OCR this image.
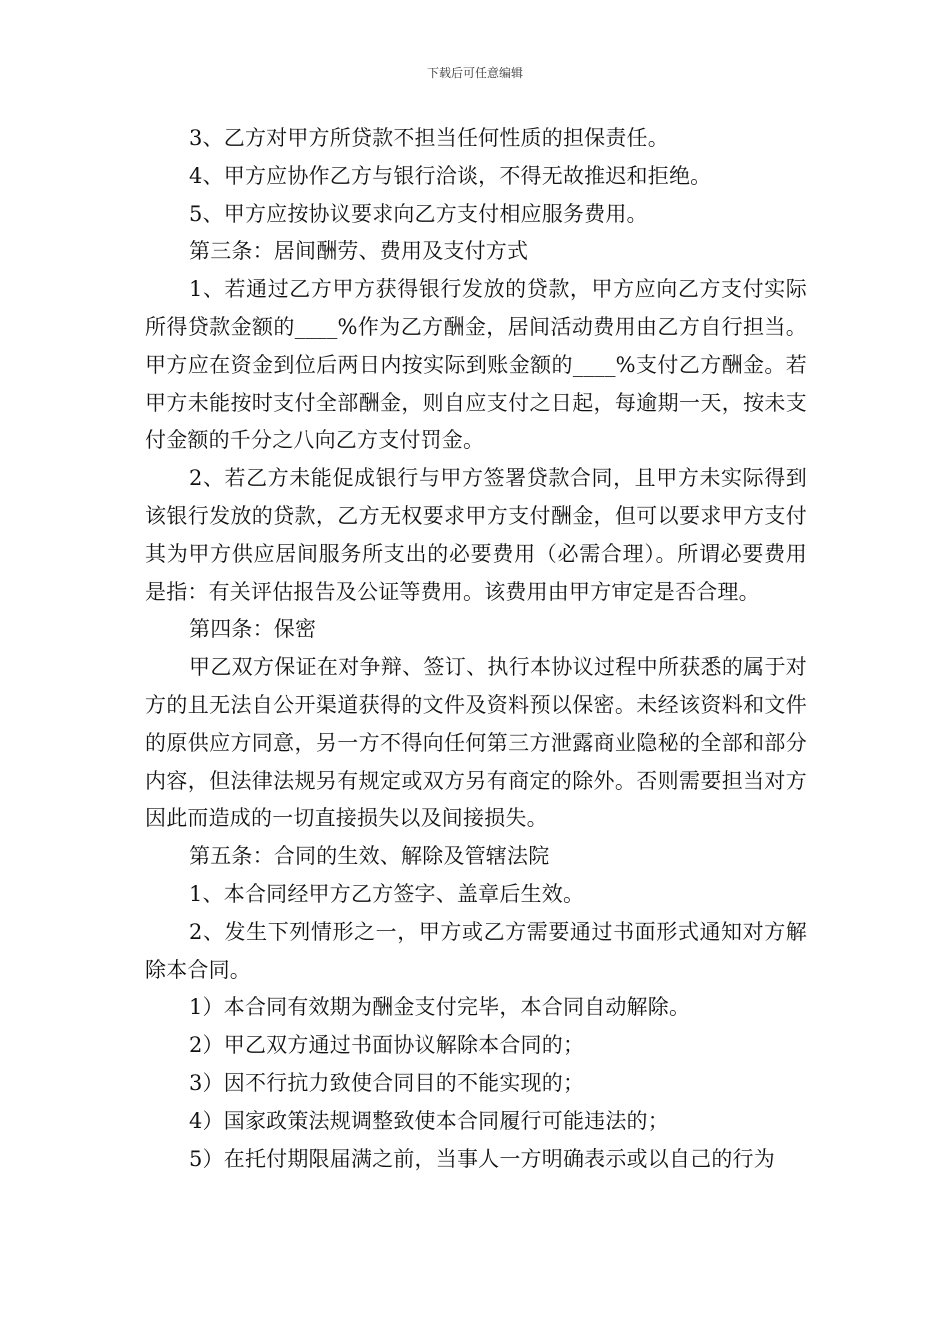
下载后可任意编辑

3、乙方对甲方所贷款不担当任何性质的担保责任。

4、甲方应协作乙方与银行洽谈，不得无故推迟和拒绝。

5、甲方应按协议要求向乙方支付相应服务费用。

第三条：居间酬劳、费用及支付方式

1、若通过乙方甲方获得银行发放的贷款，甲方应向乙方支付实际所得贷款金额的____%作为乙方酬金，居间活动费用由乙方自行担当。甲方应在资金到位后两日内按实际到账金额的____%支付乙方酬金。若甲方未能按时支付全部酬金，则自应支付之日起，每逾期一天，按未支付金额的千分之八向乙方支付罚金。

2、若乙方未能促成银行与甲方签署贷款合同，且甲方未实际得到该银行发放的贷款，乙方无权要求甲方支付酬金，但可以要求甲方支付其为甲方供应居间服务所支出的必要费用（必需合理）。所谓必要费用是指：有关评估报告及公证等费用。该费用由甲方审定是否合理。

第四条：保密

甲乙双方保证在对争辩、签订、执行本协议过程中所获悉的属于对方的且无法自公开渠道获得的文件及资料预以保密。未经该资料和文件的原供应方同意，另一方不得向任何第三方泄露商业隐秘的全部和部分内容，但法律法规另有规定或双方另有商定的除外。否则需要担当对方因此而造成的一切直接损失以及间接损失。

第五条：合同的生效、解除及管辖法院

1、本合同经甲方乙方签字、盖章后生效。

2、发生下列情形之一，甲方或乙方需要通过书面形式通知对方解除本合同。

1）本合同有效期为酬金支付完毕，本合同自动解除。

2）甲乙双方通过书面协议解除本合同的；

3）因不行抗力致使合同目的不能实现的；

4）国家政策法规调整致使本合同履行可能违法的；

5）在托付期限届满之前，当事人一方明确表示或以自己的行为
